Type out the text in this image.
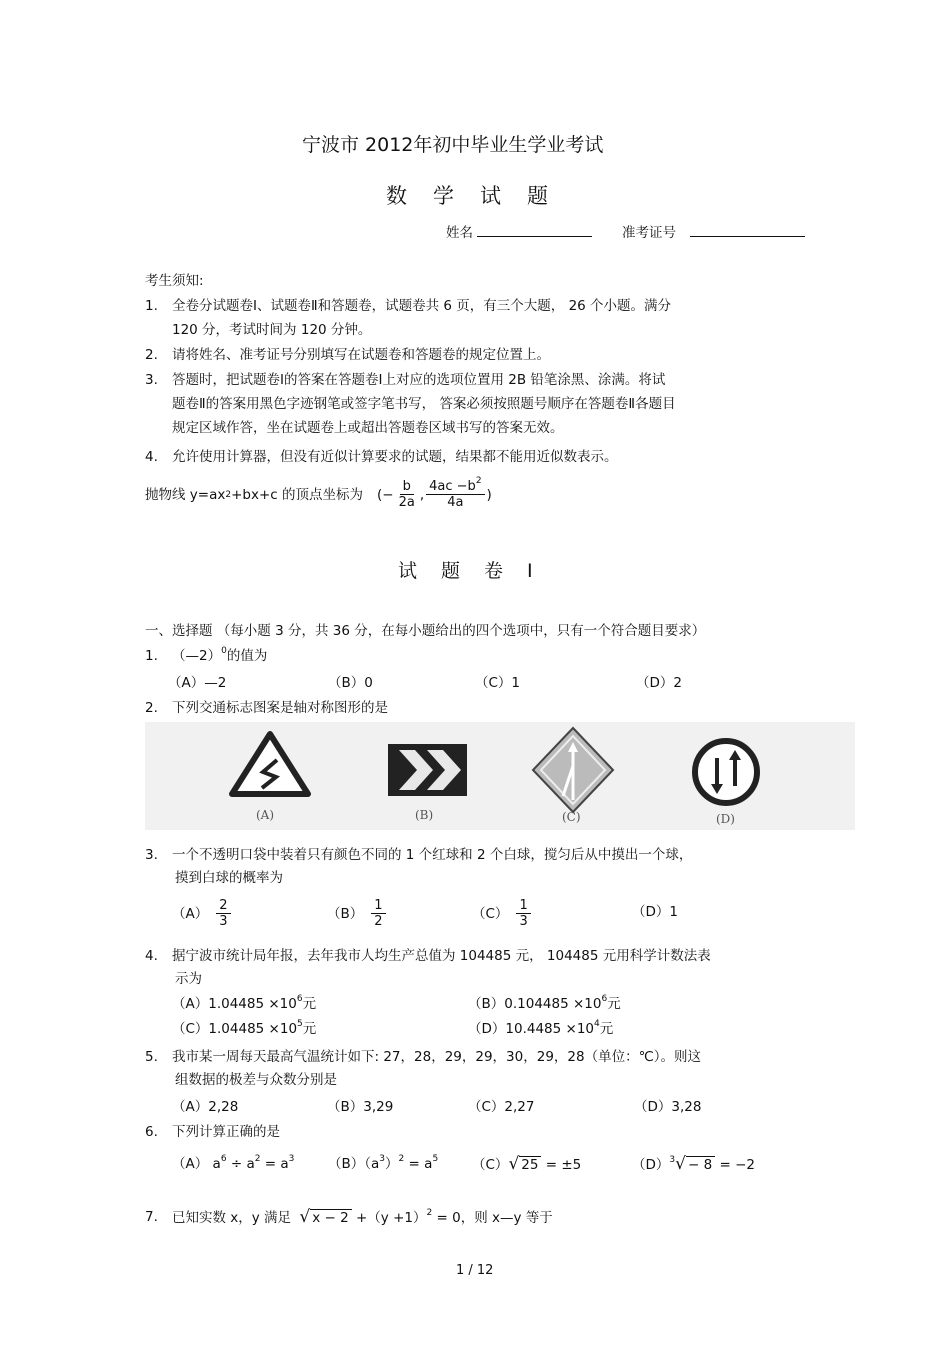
宁波市 2012年初中毕业生学业考试
数学试题
姓名	准考证号
考生须知:
1. 全卷分试题卷Ⅰ、试题卷Ⅱ和答题卷，试题卷共 6 页，有三个大题， 26 个小题。满分
120 分，考试时间为 120 分钟。
2. 请将姓名、准考证号分别填写在试题卷和答题卷的规定位置上。
3. 答题时，把试题卷Ⅰ的答案在答题卷Ⅰ上对应的选项位置用 2B 铅笔涂黑、涂满。将试
题卷Ⅱ的答案用黑色字迹钢笔或签字笔书写， 答案必须按照题号顺序在答题卷Ⅱ各题目
规定区域作答，坐在试题卷上或超出答题卷区域书写的答案无效。
4. 允许使用计算器，但没有近似计算要求的试题，结果都不能用近似数表示。
抛物线 y=ax 2 +bx+c 的顶点坐标为 (− $\frac{b}{2a}$ , $\frac{4ac -b^2}{4a}$ )
试题卷Ⅰ
一、选择题 （每小题 3 分，共 36 分，在每小题给出的四个选项中，只有一个符合题目要求）
1. （—2）$^0$的值为
（A）—2	（B）0	（C）1	（D）2
2. 下列交通标志图案是轴对称图形的是
(A)	(B)	(C)	(D)
3. 一个不透明口袋中装着只有颜色不同的 1 个红球和 2 个白球，搅匀后从中摸出一个球，
摸到白球的概率为
$(A) \frac{2}{3}$	$(B) \frac{1}{2}$	$(C) \frac{1}{3}$	（D）1
4. 据宁波市统计局年报，去年我市人均生产总值为 104485 元， 104485 元用科学计数法表
示为
$(A)1.04485 \times 10^6$元	$(B)0.104485 \times 10^6$元
$(C)1.04485 \times 10^5$元	$(D)10.4485 \times 10^4$元
5. 我市某一周每天最高气温统计如下: 27，28，29，29，30，29，28（单位：℃）。则这
组数据的极差与众数分别是
（A）2,28	（B）3,29	（C）2,27	（D）3,28
6. 下列计算正确的是
（A） $a^6 \div a^2 = a^3$ $(B)(a^3)^2 = a^5$	（C）√ 25 = ±5	$(D)^3√ - 8 = -2$
7. 已知实数 x，y 满足 √ $x - 2 +(y +1)^2 = 0$，则 x—y 等于
1 / 12
